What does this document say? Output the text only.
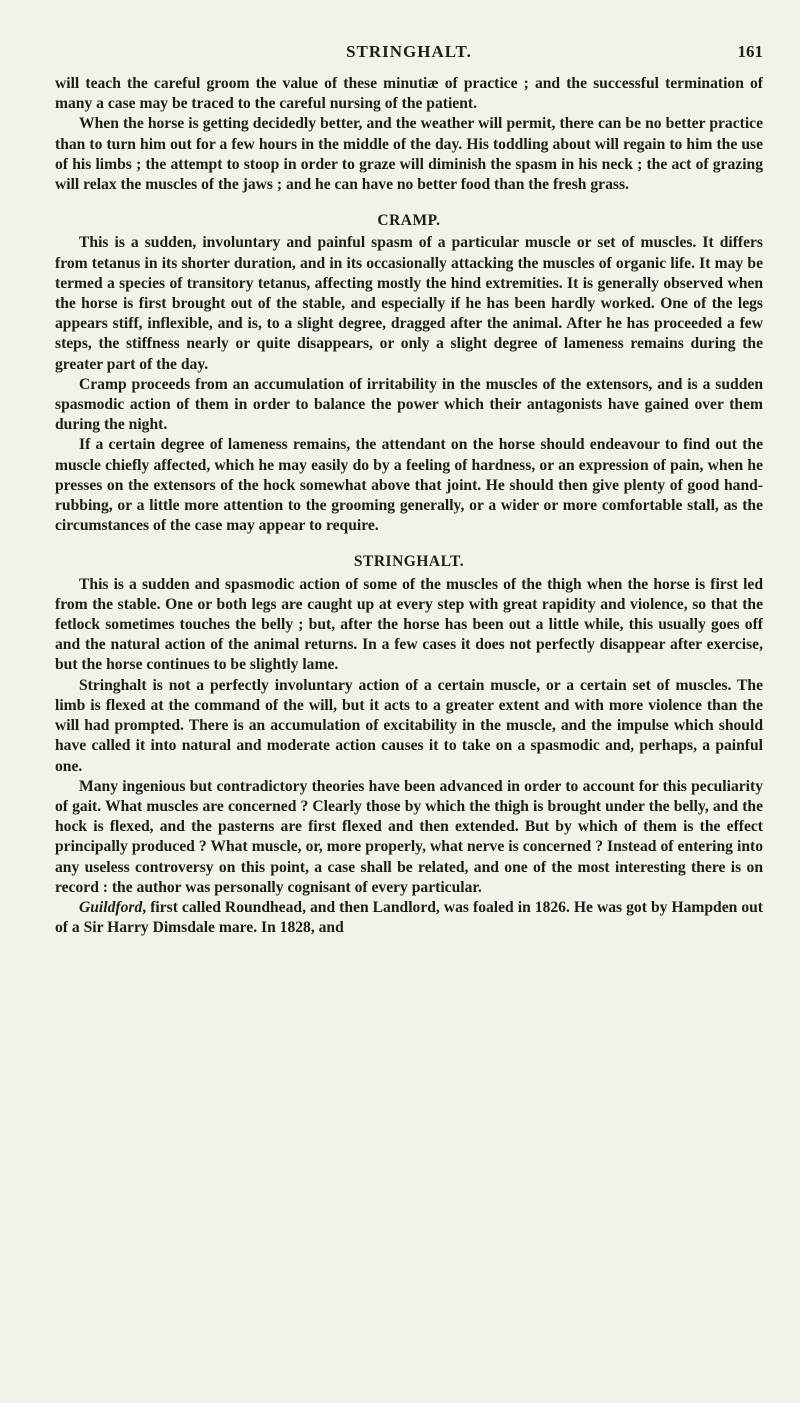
STRINGHALT.	161

will teach the careful groom the value of these minutiæ of practice ; and the successful termination of many a case may be traced to the careful nursing of the patient.

When the horse is getting decidedly better, and the weather will permit, there can be no better practice than to turn him out for a few hours in the middle of the day. His toddling about will regain to him the use of his limbs ; the attempt to stoop in order to graze will diminish the spasm in his neck ; the act of grazing will relax the muscles of the jaws ; and he can have no better food than the fresh grass.

CRAMP.

This is a sudden, involuntary and painful spasm of a particular muscle or set of muscles. It differs from tetanus in its shorter duration, and in its occasionally attacking the muscles of organic life. It may be termed a species of transitory tetanus, affecting mostly the hind extremities. It is generally observed when the horse is first brought out of the stable, and especially if he has been hardly worked. One of the legs appears stiff, inflexible, and is, to a slight degree, dragged after the animal. After he has proceeded a few steps, the stiffness nearly or quite disappears, or only a slight degree of lameness remains during the greater part of the day.

Cramp proceeds from an accumulation of irritability in the muscles of the extensors, and is a sudden spasmodic action of them in order to balance the power which their antagonists have gained over them during the night.

If a certain degree of lameness remains, the attendant on the horse should endeavour to find out the muscle chiefly affected, which he may easily do by a feeling of hardness, or an expression of pain, when he presses on the extensors of the hock somewhat above that joint. He should then give plenty of good hand-rubbing, or a little more attention to the grooming generally, or a wider or more comfortable stall, as the circumstances of the case may appear to require.

STRINGHALT.

This is a sudden and spasmodic action of some of the muscles of the thigh when the horse is first led from the stable. One or both legs are caught up at every step with great rapidity and violence, so that the fetlock sometimes touches the belly ; but, after the horse has been out a little while, this usually goes off and the natural action of the animal returns. In a few cases it does not perfectly disappear after exercise, but the horse continues to be slightly lame.

Stringhalt is not a perfectly involuntary action of a certain muscle, or a certain set of muscles. The limb is flexed at the command of the will, but it acts to a greater extent and with more violence than the will had prompted. There is an accumulation of excitability in the muscle, and the impulse which should have called it into natural and moderate action causes it to take on a spasmodic and, perhaps, a painful one.

Many ingenious but contradictory theories have been advanced in order to account for this peculiarity of gait. What muscles are concerned ? Clearly those by which the thigh is brought under the belly, and the hock is flexed, and the pasterns are first flexed and then extended. But by which of them is the effect principally produced ? What muscle, or, more properly, what nerve is concerned ? Instead of entering into any useless controversy on this point, a case shall be related, and one of the most interesting there is on record : the author was personally cognisant of every particular.

Guildford, first called Roundhead, and then Landlord, was foaled in 1826. He was got by Hampden out of a Sir Harry Dimsdale mare. In 1828, and
